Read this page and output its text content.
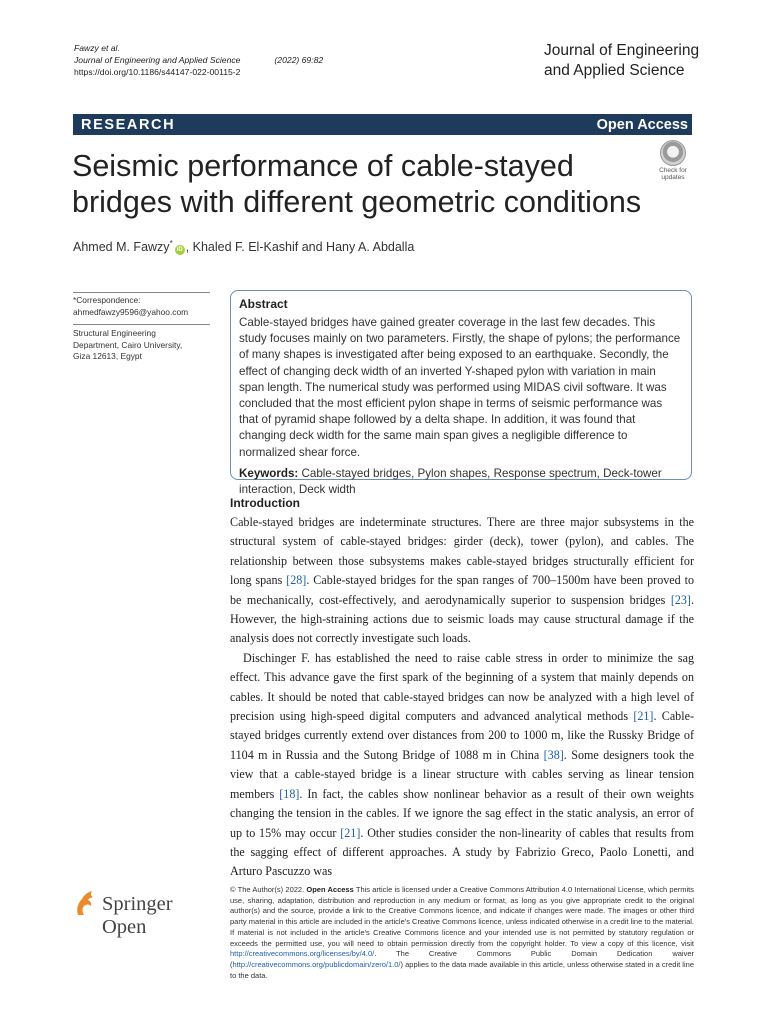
Fawzy et al.
Journal of Engineering and Applied Science	(2022) 69:82
https://doi.org/10.1186/s44147-022-00115-2
Journal of Engineering
and Applied Science
RESEARCH	Open Access
Seismic performance of cable-stayed
bridges with different geometric conditions
Check for
updates
Ahmed M. Fawzy*iD , Khaled F. El-Kashif and Hany A. Abdalla
*Correspondence:
ahmedfawzy9596@yahoo.com
Structural Engineering
Department, Cairo University,
Giza 12613, Egypt
Abstract

Cable-stayed bridges have gained greater coverage in the last few decades. This study focuses mainly on two parameters. Firstly, the shape of pylons; the performance of many shapes is investigated after being exposed to an earthquake. Secondly, the effect of changing deck width of an inverted Y-shaped pylon with variation in main span length. The numerical study was performed using MIDAS civil software. It was concluded that the most efficient pylon shape in terms of seismic performance was that of pyramid shape followed by a delta shape. In addition, it was found that changing deck width for the same main span gives a negligible difference to normalized shear force.

Keywords: Cable-stayed bridges, Pylon shapes, Response spectrum, Deck-tower interaction, Deck width

Introduction

Cable-stayed bridges are indeterminate structures. There are three major subsystems in the structural system of cable-stayed bridges: girder (deck), tower (pylon), and cables. The relationship between those subsystems makes cable-stayed bridges structurally efficient for long spans [28]. Cable-stayed bridges for the span ranges of 700–1500m have been proved to be mechanically, cost-effectively, and aerodynamically superior to suspension bridges [23]. However, the high-straining actions due to seismic loads may cause structural damage if the analysis does not correctly investigate such loads.

Dischinger F. has established the need to raise cable stress in order to minimize the sag effect. This advance gave the first spark of the beginning of a system that mainly depends on cables. It should be noted that cable-stayed bridges can now be analyzed with a high level of precision using high-speed digital computers and advanced analytical methods [21]. Cable-stayed bridges currently extend over distances from 200 to 1000 m, like the Russky Bridge of 1104 m in Russia and the Sutong Bridge of 1088 m in China [38]. Some designers took the view that a cable-stayed bridge is a linear structure with cables serving as linear tension members [18]. In fact, the cables show nonlinear behavior as a result of their own weights changing the tension in the cables. If we ignore the sag effect in the static analysis, an error of up to 15% may occur [21]. Other studies consider the non-linearity of cables that results from the sagging effect of different approaches. A study by Fabrizio Greco, Paolo Lonetti, and Arturo Pascuzzo was

Springer Open
© The Author(s) 2022. Open Access This article is licensed under a Creative Commons Attribution 4.0 International License, which permits use, sharing, adaptation, distribution and reproduction in any medium or format, as long as you give appropriate credit to the original author(s) and the source, provide a link to the Creative Commons licence, and indicate if changes were made. The images or other third party material in this article are included in the article's Creative Commons licence, unless indicated otherwise in a credit line to the material. If material is not included in the article's Creative Commons licence and your intended use is not permitted by statutory regulation or exceeds the permitted use, you will need to obtain permission directly from the copyright holder. To view a copy of this licence, visit http://creativecommons.org/licenses/by/4.0/. The Creative Commons Public Domain Dedication waiver (http://creativecommons.org/publicdomain/zero/1.0/) applies to the data made available in this article, unless otherwise stated in a credit line to the data.
